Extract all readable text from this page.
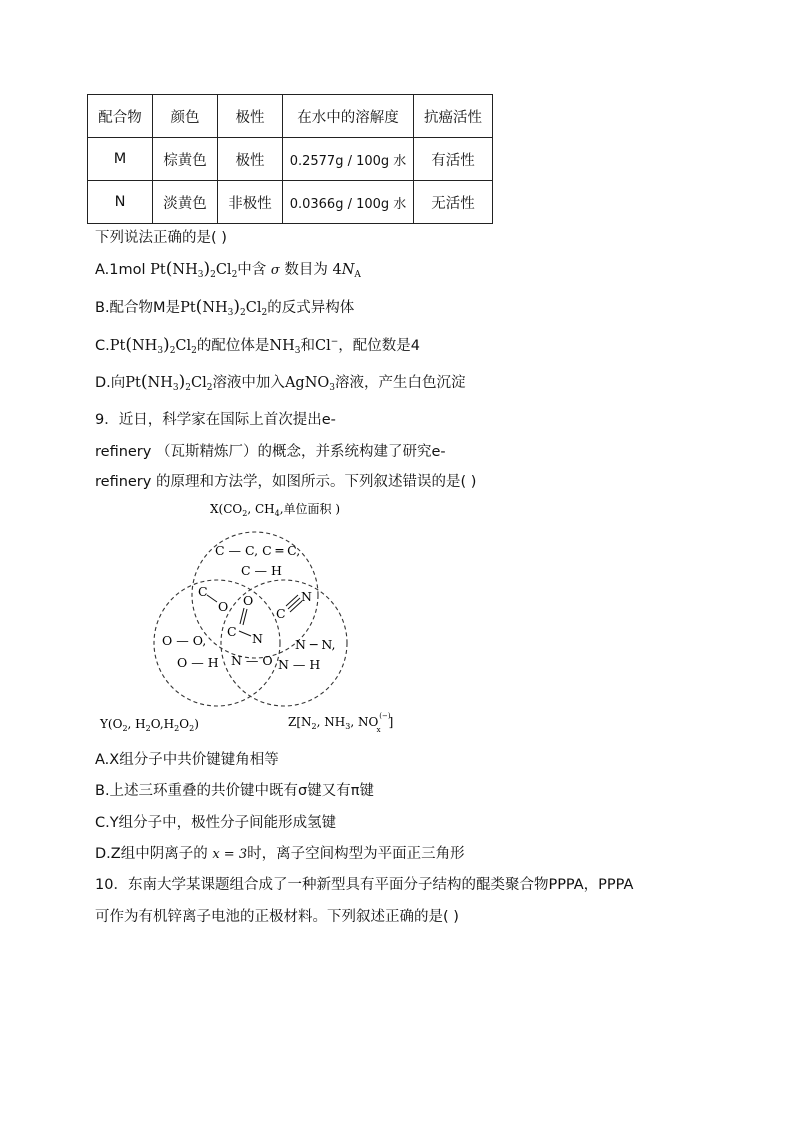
配合物	颜色	极性	在水中的溶解度	抗癌活性
M	棕黄色	极性	0.2577g / 100g 水	有活性
N	淡黄色	非极性	0.0366g / 100g 水	无活性
下列说法正确的是( )
A.1mol $Pt(NH_3)_2Cl_2$中含 σ 数目为 $4N_A$
B.配合物M是$Pt(NH_3)_2Cl_2$的反式异构体
$C.Pt(NH_3)_2Cl_2$的配位体是$NH_3$和Cl−，配位数是4
D.向$Pt(NH_3)_2Cl_2$溶液中加入AgNO$_3$溶液，产生白色沉淀
9．近日，科学家在国际上首次提出e-
refinery （瓦斯精炼厂）的概念，并系统构建了研究e-
refinery 的原理和方法学，如图所示。下列叙述错误的是( )
$X(CO_2$, $CH_4$,单位面积 )
C — C, C ═ C,
C — H
C
O O
C N
N
C
O — O,
O — H N — O
N ─ N,
N — H
$Y(O_2$, $H_2O,H_2O_2$)	$Z[N_2$, $NH_3$, NO(−) x]
A.X组分子中共价键键角相等
B.上述三环重叠的共价键中既有σ键又有π键
C.Y组分子中，极性分子间能形成氢键
D.Z组中阴离子的 x = 3时，离子空间构型为平面正三角形
10．东南大学某课题组合成了一种新型具有平面分子结构的醌类聚合物PPPA，PPPA
可作为有机锌离子电池的正极材料。下列叙述正确的是( )
